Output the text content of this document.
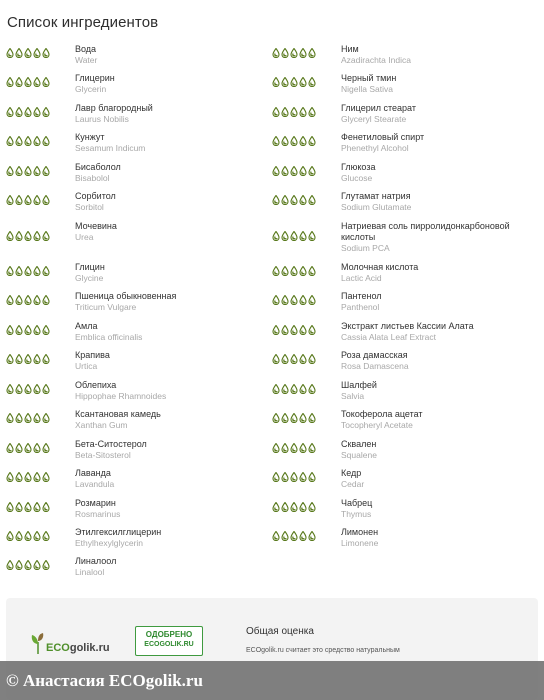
Список ингредиентов
Вода
Water
Ним
Azadirachta Indica
Глицерин
Glycerin
Черный тмин
Nigella Sativa
Лавр благородный
Laurus Nobilis
Глицерил стеарат
Glyceryl Stearate
Кунжут
Sesamum Indicum
Фенетиловый спирт
Phenethyl Alcohol
Бисаболол
Bisabolol
Глюкоза
Glucose
Сорбитол
Sorbitol
Глутамат натрия
Sodium Glutamate
Мочевина
Urea
Натриевая соль пирролидонкарбоновой кислоты
Sodium PCA
Глицин
Glycine
Молочная кислота
Lactic Acid
Пшеница обыкновенная
Triticum Vulgare
Пантенол
Panthenol
Амла
Emblica officinalis
Экстракт листьев Кассии Алата
Cassia Alata Leaf Extract
Крапива
Urtica
Роза дамасская
Rosa Damascena
Облепиха
Hippophae Rhamnoides
Шалфей
Salvia
Ксантановая камедь
Xanthan Gum
Токоферола ацетат
Tocopheryl Acetate
Бета-Ситостерол
Beta-Sitosterol
Сквален
Squalene
Лаванда
Lavandula
Кедр
Cedar
Розмарин
Rosmarinus
Чабрец
Thymus
Этилгексилглицерин
Ethylhexylglycerin
Лимонен
Limonene
Линалоол
Linalool
ECOgolik.ru
ОДОБРЕНО
ECOGOLIK.RU
Общая оценка
ECOgolik.ru считает это средство натуральным
© Анастасия ECOgolik.ru
